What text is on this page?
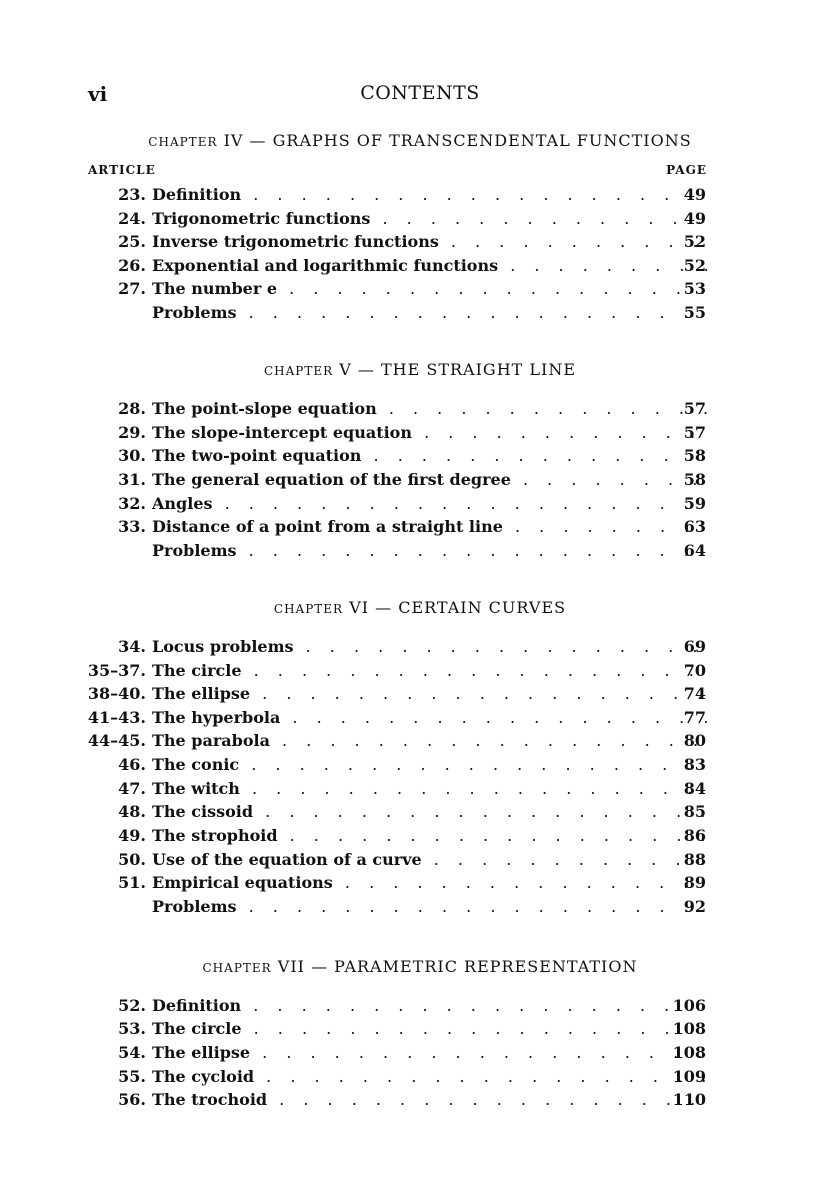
vi	CONTENTS
CHAPTER IV — GRAPHS OF TRANSCENDENTAL FUNCTIONS
ARTICLE	PAGE
23. Definition . . .	49
24. Trigonometric functions . . .	49
25. Inverse trigonometric functions . . .	52
26. Exponential and logarithmic functions . . .	52
27. The number e . . .	53
Problems . . .	55
CHAPTER V — THE STRAIGHT LINE
28. The point-slope equation . . .	57
29. The slope-intercept equation . . .	57
30. The two-point equation . . .	58
31. The general equation of the first degree . . .	58
32. Angles . . .	59
33. Distance of a point from a straight line . . .	63
Problems . . .	64
CHAPTER VI — CERTAIN CURVES
34. Locus problems . . .	69
35–37. The circle . . .	70
38–40. The ellipse . . .	74
41–43. The hyperbola . . .	77
44–45. The parabola . . .	80
46. The conic . . .	83
47. The witch . . .	84
48. The cissoid . . .	85
49. The strophoid . . .	86
50. Use of the equation of a curve . . .	88
51. Empirical equations . . .	89
Problems . . .	92
CHAPTER VII — PARAMETRIC REPRESENTATION
52. Definition . . .	106
53. The circle . . .	108
54. The ellipse . . .	108
55. The cycloid . . .	109
56. The trochoid . . .	110
